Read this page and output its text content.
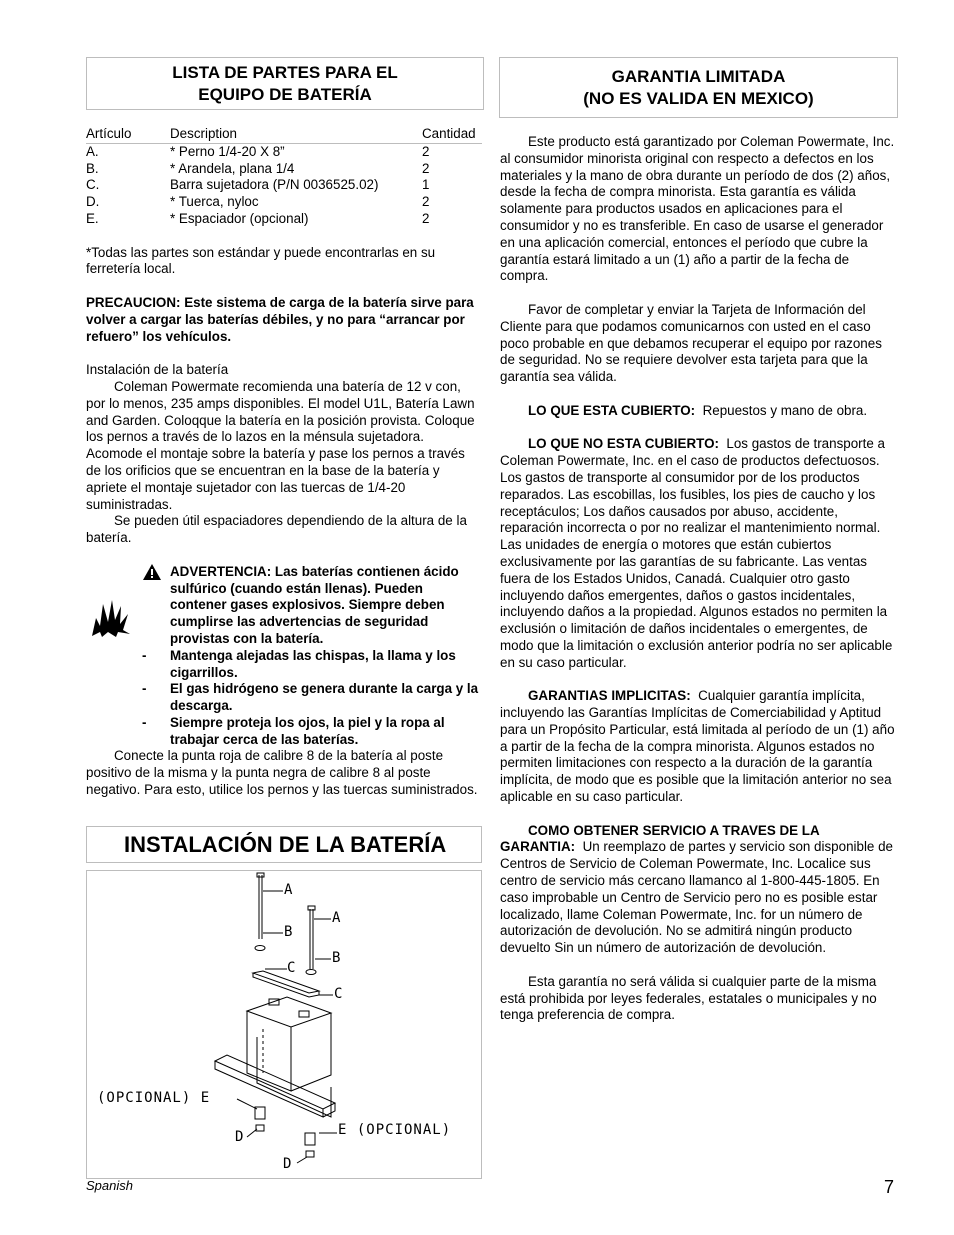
LISTA DE PARTES PARA EL
EQUIPO DE BATERÍA
Artículo	Description	Cantidad
A.	* Perno 1/4-20 X 8”	2
B.	* Arandela, plana 1/4	2
C.	Barra sujetadora (P/N 0036525.02)	1
D.	* Tuerca, nyloc	2
E.	* Espaciador (opcional)	2

*Todas las partes son estándar y puede encontrarlas en su ferretería local.

PRECAUCION: Este sistema de carga de la batería sirve para volver a cargar las baterías débiles, y no para “arrancar por refuero” los vehículos.

Instalación de la batería
Coleman Powermate recomienda una batería de 12 v con, por lo menos, 235 amps disponibles. El model U1L, Batería Lawn and Garden. Coloqque la batería en la posición provista. Coloque los pernos a través de lo lazos en la ménsula sujetadora. Acomode el montaje sobre la batería y pase los pernos a través de los orificios que se encuentran en la base de la batería y apriete el montaje sujetador con las tuercas de 1/4-20 suministradas.

Se pueden útil espaciadores dependiendo de la altura de la batería.

ADVERTENCIA: Las baterías contienen ácido sulfúrico (cuando están llenas). Pueden contener gases explosivos. Siempre deben cumplirse las advertencias de seguridad provistas con la batería.
- Mantenga alejadas las chispas, la llama y los cigarrillos.
- El gas hidrógeno se genera durante la carga y la descarga.
- Siempre proteja los ojos, la piel y la ropa al trabajar cerca de las baterías.
Conecte la punta roja de calibre 8 de la batería al poste positivo de la misma y la punta negra de calibre 8 al poste negativo. Para esto, utilice los pernos y las tuercas suministrados.
INSTALACIÓN DE LA BATERÍA
A
B
C
A
B
C
(OPCIONAL) E
D	E (OPCIONAL)
D
GARANTIA LIMITADA
(NO ES VALIDA EN MEXICO)

Este producto está garantizado por Coleman Powermate, Inc. al consumidor minorista original con respecto a defectos en los materiales y la mano de obra durante un período de dos (2) años, desde la fecha de compra minorista. Esta garantía es válida solamente para productos usados en aplicaciones para el consumidor y no es transferible. En caso de usarse el generador en una aplicación comercial, entonces el período que cubre la garantía estará limitado a un (1) año a partir de la fecha de compra.

Favor de completar y enviar la Tarjeta de Información del Cliente para que podamos comunicarnos con usted en el caso poco probable en que debamos recuperar el equipo por razones de seguridad. No se requiere devolver esta tarjeta para que la garantía sea válida.

LO QUE ESTA CUBIERTO: Repuestos y mano de obra.

LO QUE NO ESTA CUBIERTO: Los gastos de transporte a Coleman Powermate, Inc. en el caso de productos defectuosos. Los gastos de transporte al consumidor por de los productos reparados. Las escobillas, los fusibles, los pies de caucho y los receptáculos; Los daños causados por abuso, accidente, reparación incorrecta o por no realizar el mantenimiento normal. Las unidades de energía o motores que están cubiertos exclusivamente por las garantías de su fabricante. Las ventas fuera de los Estados Unidos, Canadá. Cualquier otro gasto incluyendo daños emergentes, daños o gastos incidentales, incluyendo daños a la propiedad. Algunos estados no permiten la exclusión o limitación de daños incidentales o emergentes, de modo que la limitación o exclusión anterior podría no ser aplicable en su caso particular.

GARANTIAS IMPLICITAS: Cualquier garantía implícita, incluyendo las Garantías Implícitas de Comerciabilidad y Aptitud para un Propósito Particular, está limitada al período de un (1) año a partir de la fecha de la compra minorista. Algunos estados no permiten limitaciones con respecto a la duración de la garantía implícita, de modo que es posible que la limitación anterior no sea aplicable en su caso particular.

COMO OBTENER SERVICIO A TRAVES DE LA GARANTIA: Un reemplazo de partes y servicio son disponible de Centros de Servicio de Coleman Powermate, Inc. Localice sus centro de servicio más cercano llamanco al 1-800-445-1805. En caso improbable un Centro de Servicio pero no es posible estar localizado, llame Coleman Powermate, Inc. for un número de autorización de devolución. No se admitirá ningún producto devuelto Sin un número de autorización de devolución.

Esta garantía no será válida si cualquier parte de la misma está prohibida por leyes federales, estatales o municipales y no tenga preferencia de compra.

Spanish	7
